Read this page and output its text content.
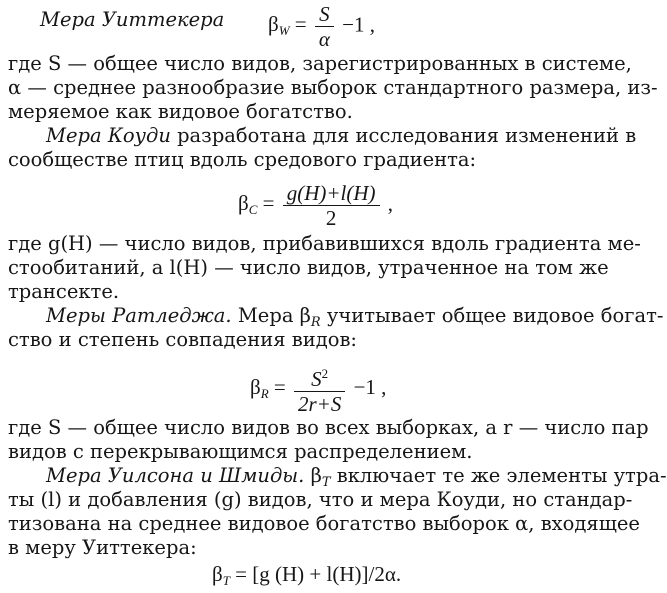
Мера Уиттекера	$\beta_W = \frac{S}{\alpha} -1$ ,
где S — общее число видов, зарегистрированных в системе,
α — среднее разнообразие выборок стандартного размера, из-
меряемое как видовое богатство.
Мера Коуди разработана для исследования изменений в
сообществе птиц вдоль средового градиента:
$\beta_C = \frac{g(H)+l(H)}{2}$ ,
где g(H) — число видов, прибавившихся вдоль градиента ме-
стообитаний, а l(H) — число видов, утраченное на том же
трансекте.
Меры Ратледжа. Мера $\beta_R$ учитывает общее видовое богат-
ство и степень совпадения видов:
$\beta_R = \frac{S^2}{2r+S} -1$ ,
где S — общее число видов во всех выборках, а r — число пар
видов с перекрывающимся распределением.
Мера Уилсона и Шмиды. $\beta_T$ включает те же элементы утра-
ты (l) и добавления (g) видов, что и мера Коуди, но стандар-
тизована на среднее видовое богатство выборок α, входящее
в меру Уиттекера:
$\beta_T = [g$ (H) + l(H)]/2α.
